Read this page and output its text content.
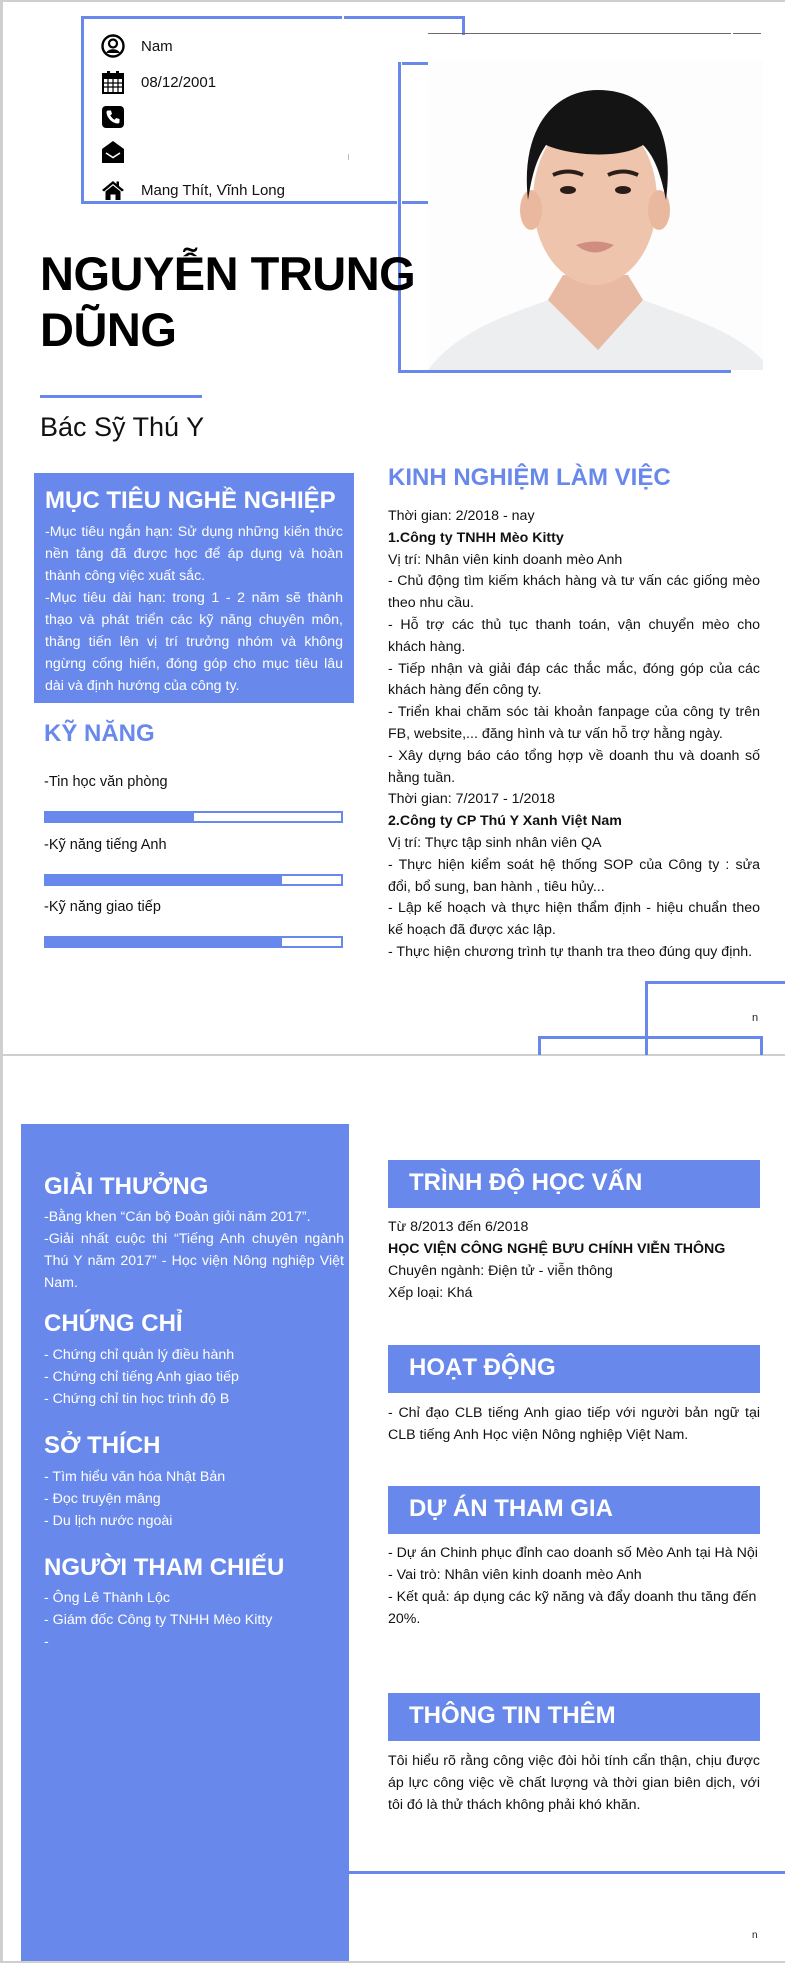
Nam
08/12/2001
Mang Thít, Vĩnh Long
NGUYỄN TRUNG
DŨNG
Bác Sỹ Thú Y
MỤC TIÊU NGHỀ NGHIỆP
-Mục tiêu ngắn hạn: Sử dụng những kiến thức nền tảng đã được học để áp dụng và hoàn thành công việc xuất sắc.
-Mục tiêu dài hạn: trong 1 - 2 năm sẽ thành thạo và phát triển các kỹ năng chuyên môn, thăng tiến lên vị trí trưởng nhóm và không ngừng cống hiến, đóng góp cho mục tiêu lâu dài và định hướng của công ty.
KỸ NĂNG
-Tin học văn phòng
-Kỹ năng tiếng Anh
-Kỹ năng giao tiếp
KINH NGHIỆM LÀM VIỆC
Thời gian: 2/2018 - nay
1.Công ty TNHH Mèo Kitty
Vị trí: Nhân viên kinh doanh mèo Anh
- Chủ động tìm kiếm khách hàng và tư vấn các giống mèo theo nhu cầu.
- Hỗ trợ các thủ tục thanh toán, vận chuyển mèo cho khách hàng.
- Tiếp nhận và giải đáp các thắc mắc, đóng góp của các khách hàng đến công ty.
- Triển khai chăm sóc tài khoản fanpage của công ty trên FB, website,... đăng hình và tư vấn hỗ trợ hằng ngày.
- Xây dựng báo cáo tổng hợp về doanh thu và doanh số hằng tuần.
Thời gian: 7/2017 - 1/2018
2.Công ty CP Thú Y Xanh Việt Nam
Vị trí: Thực tập sinh nhân viên QA
- Thực hiện kiểm soát hệ thống SOP của Công ty : sửa đổi, bổ sung, ban hành , tiêu hủy...
- Lập kế hoạch và thực hiện thẩm định - hiệu chuẩn theo kế hoạch đã được xác lập.
- Thực hiện chương trình tự thanh tra theo đúng quy định.
n
GIẢI THƯỞNG
-Bằng khen “Cán bộ Đoàn giỏi năm 2017”.
-Giải nhất cuộc thi “Tiếng Anh chuyên ngành Thú Y năm 2017” - Học viện Nông nghiệp Việt Nam.
CHỨNG CHỈ
- Chứng chỉ quản lý điều hành
- Chứng chỉ tiếng Anh giao tiếp
- Chứng chỉ tin học trình độ B
SỞ THÍCH
- Tìm hiểu văn hóa Nhật Bản
- Đọc truyện mâng
- Du lịch nước ngoài
NGƯỜI THAM CHIẾU
- Ông Lê Thành Lộc
- Giám đốc Công ty TNHH Mèo Kitty
-
TRÌNH ĐỘ HỌC VẤN
Từ 8/2013 đến 6/2018
HỌC VIỆN CÔNG NGHỆ BƯU CHÍNH VIỄN THÔNG
Chuyên ngành: Điện tử - viễn thông
Xếp loại: Khá
HOẠT ĐỘNG
- Chỉ đạo CLB tiếng Anh giao tiếp với người bản ngữ tại CLB tiếng Anh Học viện Nông nghiệp Việt Nam.
DỰ ÁN THAM GIA
- Dự án Chinh phục đỉnh cao doanh số Mèo Anh tại Hà Nội
- Vai trò: Nhân viên kinh doanh mèo Anh
- Kết quả: áp dụng các kỹ năng và đẩy doanh thu tăng đến 20%.
THÔNG TIN THÊM
Tôi hiểu rõ rằng công việc đòi hỏi tính cẩn thận, chịu được áp lực công việc về chất lượng và thời gian biên dịch, với tôi đó là thử thách không phải khó khăn.
n
